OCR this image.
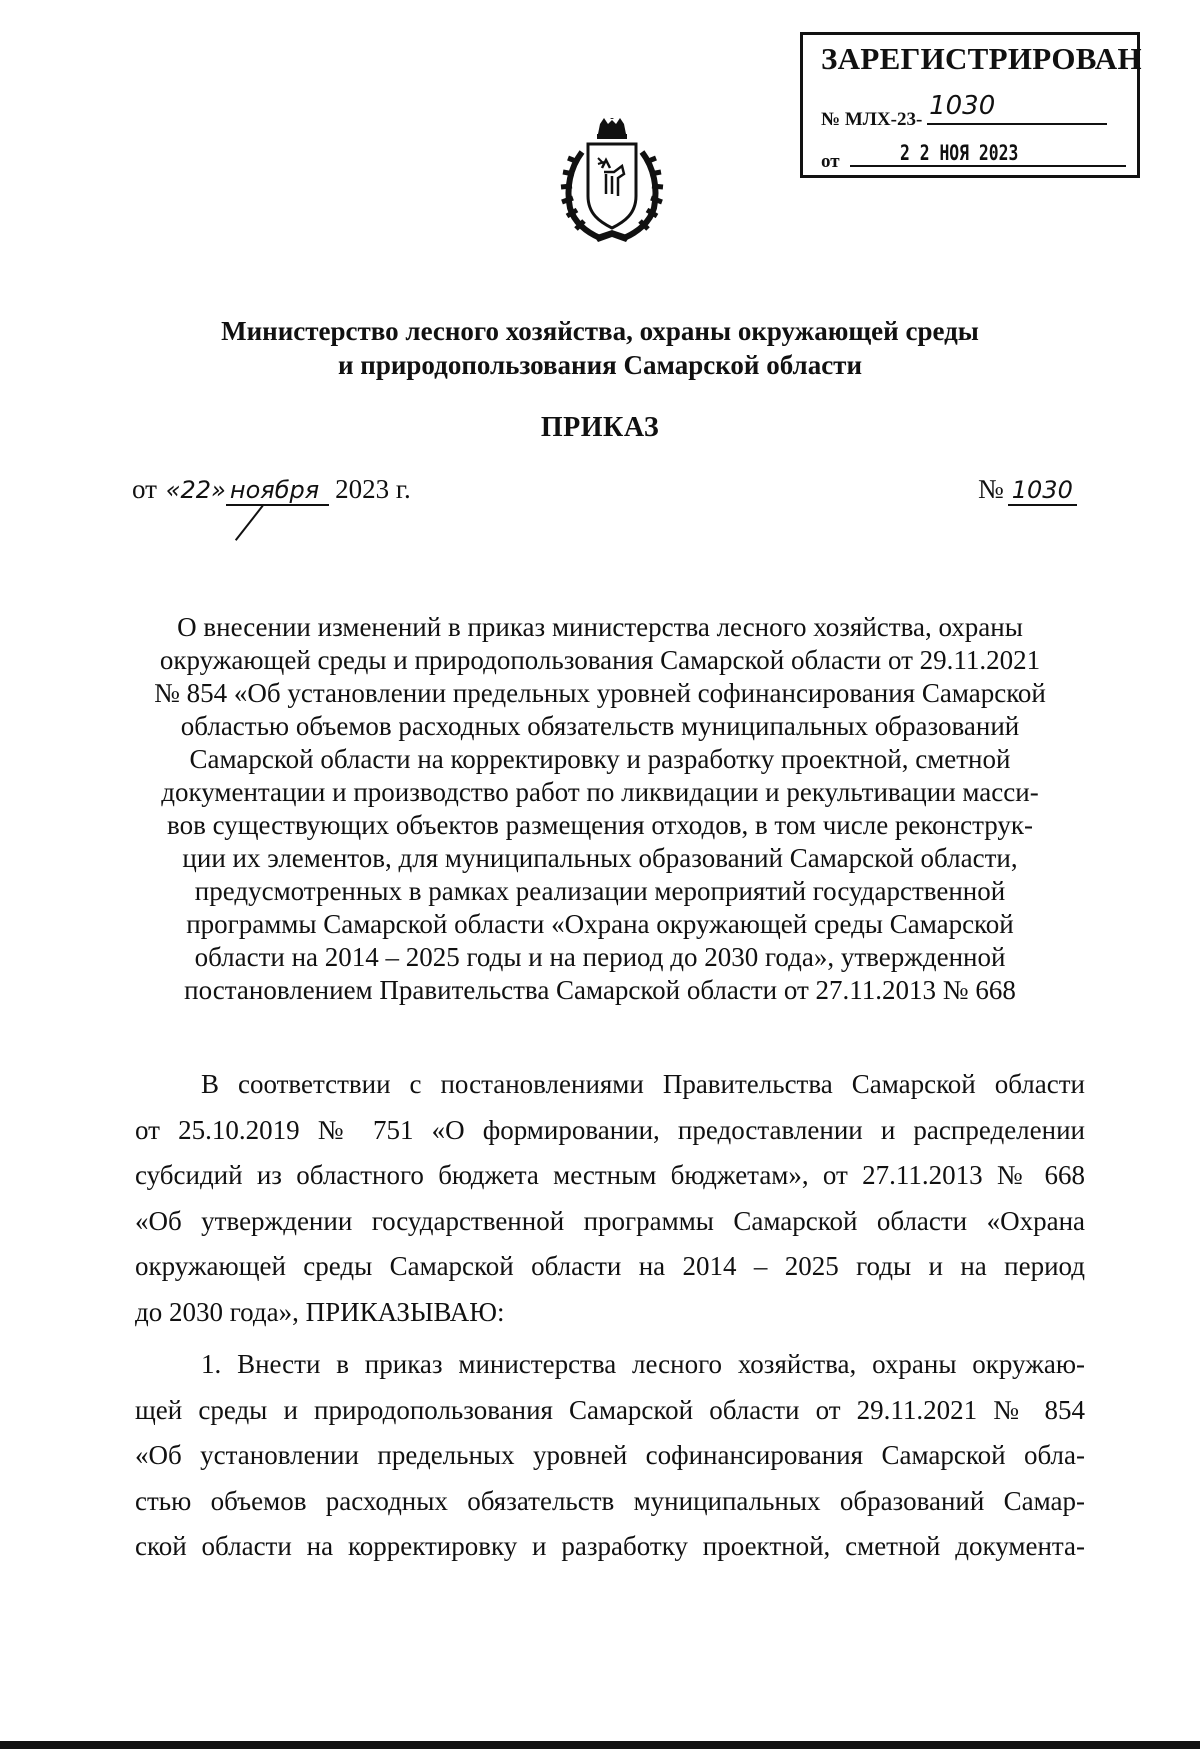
ЗАРЕГИСТРИРОВАН
№ МЛХ-23- 1030
от	2 2 НОЯ 2023
Министерство лесного хозяйства, охраны окружающей среды
и природопользования Самарской области
ПРИКАЗ
от «22» ноября 2023 г.	№ 1030
О внесении изменений в приказ министерства лесного хозяйства, охраны
окружающей среды и природопользования Самарской области от 29.11.2021
№ 854 «Об установлении предельных уровней софинансирования Самарской
областью объемов расходных обязательств муниципальных образований
Самарской области на корректировку и разработку проектной, сметной
документации и производство работ по ликвидации и рекультивации масси-
вов существующих объектов размещения отходов, в том числе реконструк-
ции их элементов, для муниципальных образований Самарской области,
предусмотренных в рамках реализации мероприятий государственной
программы Самарской области «Охрана окружающей среды Самарской
области на 2014 – 2025 годы и на период до 2030 года», утвержденной
постановлением Правительства Самарской области от 27.11.2013 № 668
В соответствии с постановлениями Правительства Самарской области
от 25.10.2019 № 751 «О формировании, предоставлении и распределении
субсидий из областного бюджета местным бюджетам», от 27.11.2013 № 668
«Об утверждении государственной программы Самарской области «Охрана
окружающей среды Самарской области на 2014 – 2025 годы и на период
до 2030 года», ПРИКАЗЫВАЮ:
1. Внести в приказ министерства лесного хозяйства, охраны окружаю-
щей среды и природопользования Самарской области от 29.11.2021 № 854
«Об установлении предельных уровней софинансирования Самарской обла-
стью объемов расходных обязательств муниципальных образований Самар-
ской области на корректировку и разработку проектной, сметной документа-
